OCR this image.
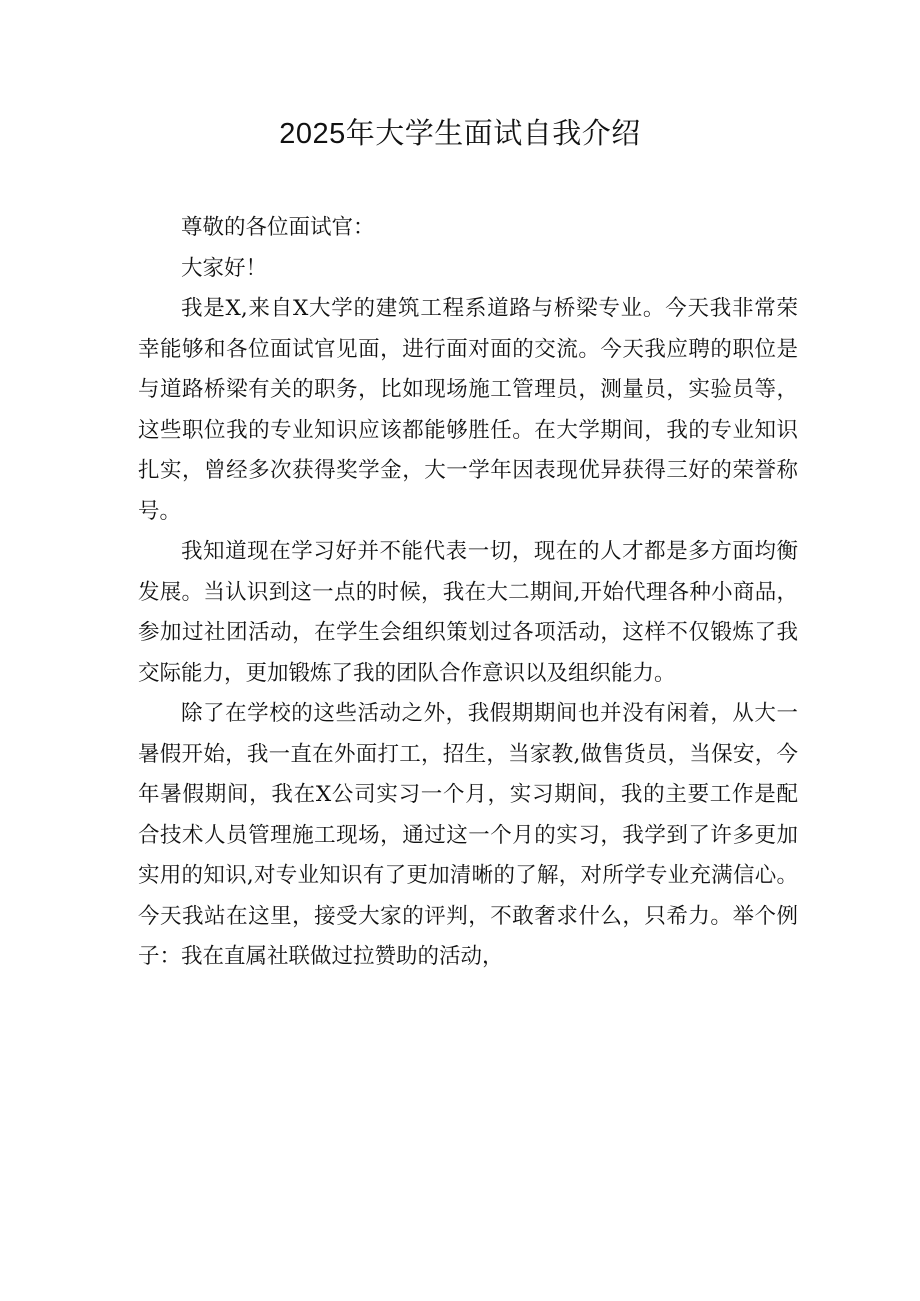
2025年大学生面试自我介绍

尊敬的各位面试官：

大家好！

我是X,来自X大学的建筑工程系道路与桥梁专业。今天我非常荣幸能够和各位面试官见面，进行面对面的交流。今天我应聘的职位是与道路桥梁有关的职务，比如现场施工管理员，测量员，实验员等，这些职位我的专业知识应该都能够胜任。在大学期间，我的专业知识扎实，曾经多次获得奖学金，大一学年因表现优异获得三好的荣誉称号。

我知道现在学习好并不能代表一切，现在的人才都是多方面均衡发展。当认识到这一点的时候，我在大二期间,开始代理各种小商品，参加过社团活动，在学生会组织策划过各项活动，这样不仅锻炼了我交际能力，更加锻炼了我的团队合作意识以及组织能力。

除了在学校的这些活动之外，我假期期间也并没有闲着，从大一暑假开始，我一直在外面打工，招生，当家教,做售货员，当保安，今年暑假期间，我在X公司实习一个月，实习期间，我的主要工作是配合技术人员管理施工现场，通过这一个月的实习，我学到了许多更加实用的知识,对专业知识有了更加清晰的了解，对所学专业充满信心。今天我站在这里，接受大家的评判，不敢奢求什么，只希力。举个例子：我在直属社联做过拉赞助的活动，
